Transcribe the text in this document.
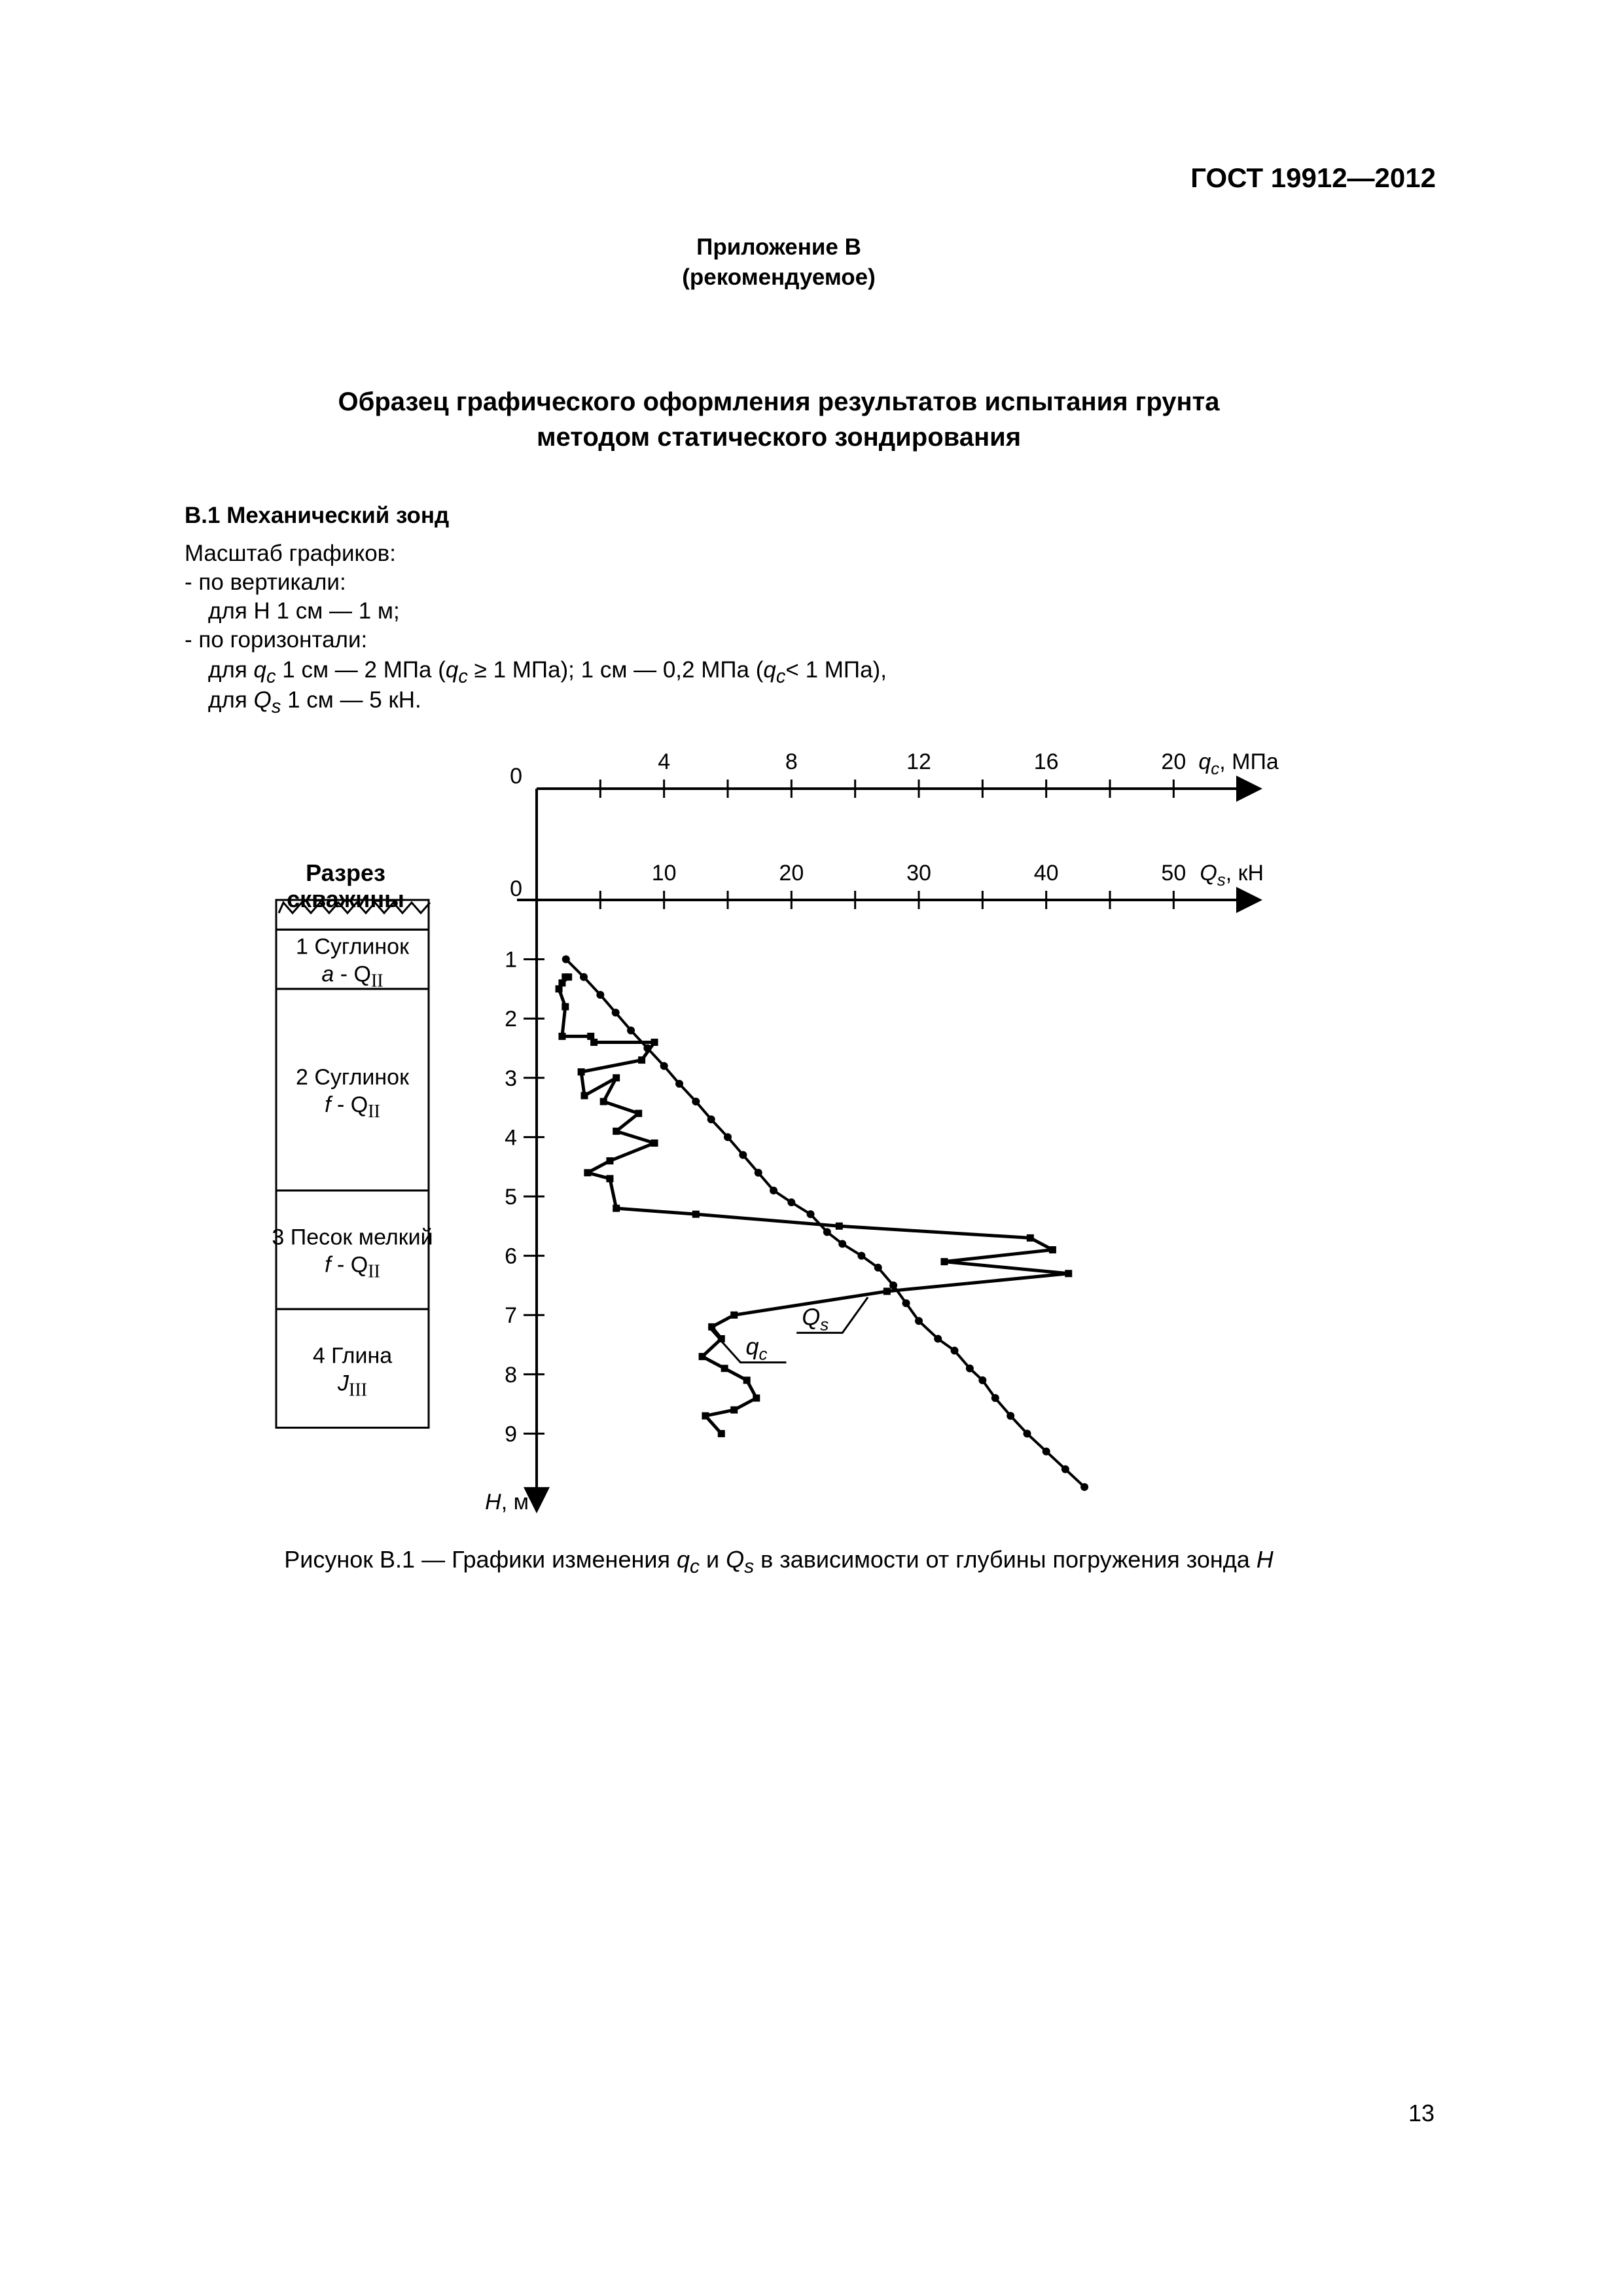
ГОСТ 19912—2012
Приложение В
(рекомендуемое)
Образец графического оформления результатов испытания грунта
методом статического зондирования
В.1 Механический зонд
Масштаб графиков:
- по вертикали:
для Н 1 см — 1 м;
- по горизонтали:
для $q_c$ 1 см — 2 МПа ($q_c \ge 1$ МПа); 1 см — 0,2 МПа ($q_c< 1$ МПа),
для $Q_s$ 1 см — 5 кН.
Разрез
скважины
0
4	8	12	16	20 $q_c$, МПа
0
10	20	30	40	50 $Q_s$, кН
1
2
3
4
5
6
7
8
9
H, м
1 Суглинок
a - $Q_{II}$
2 Суглинок
f - $Q_{II}$
3 Песок мелкий
f - $Q_{II}$
4 Глина
$J_{III}$
$q_c$
$Q_s$
Рисунок В.1 — Графики изменения $q_c$ и $Q_s$ в зависимости от глубины погружения зонда H
13
